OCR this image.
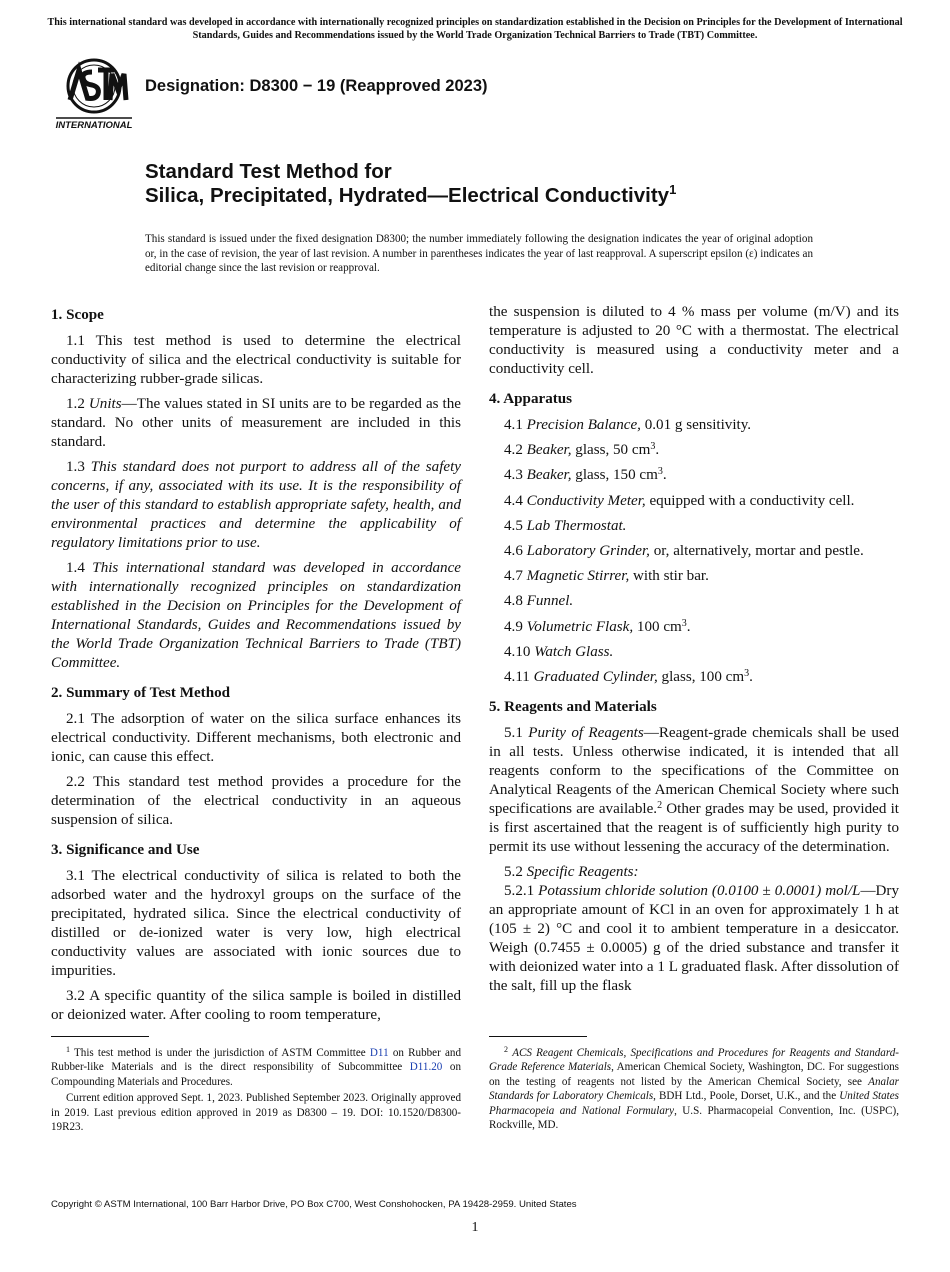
This international standard was developed in accordance with internationally recognized principles on standardization established in the Decision on Principles for the Development of International Standards, Guides and Recommendations issued by the World Trade Organization Technical Barriers to Trade (TBT) Committee.
INTERNATIONAL
Designation: D8300 − 19 (Reapproved 2023)
Standard Test Method for
Silica, Precipitated, Hydrated—Electrical Conductivity$^1$
This standard is issued under the fixed designation D8300; the number immediately following the designation indicates the year of original adoption or, in the case of revision, the year of last revision. A number in parentheses indicates the year of last reapproval. A superscript epsilon (ε) indicates an editorial change since the last revision or reapproval.
1. Scope

1.1 This test method is used to determine the electrical conductivity of silica and the electrical conductivity is suitable for characterizing rubber-grade silicas.

1.2 Units—The values stated in SI units are to be regarded as the standard. No other units of measurement are included in this standard.

1.3 This standard does not purport to address all of the safety concerns, if any, associated with its use. It is the responsibility of the user of this standard to establish appropriate safety, health, and environmental practices and determine the applicability of regulatory limitations prior to use.

1.4 This international standard was developed in accordance with internationally recognized principles on standardization established in the Decision on Principles for the Development of International Standards, Guides and Recommendations issued by the World Trade Organization Technical Barriers to Trade (TBT) Committee.

2. Summary of Test Method

2.1 The adsorption of water on the silica surface enhances its electrical conductivity. Different mechanisms, both electronic and ionic, can cause this effect.

2.2 This standard test method provides a procedure for the determination of the electrical conductivity in an aqueous suspension of silica.

3. Significance and Use

3.1 The electrical conductivity of silica is related to both the adsorbed water and the hydroxyl groups on the surface of the precipitated, hydrated silica. Since the electrical conductivity of distilled or de-ionized water is very low, high electrical conductivity values are associated with ionic sources due to impurities.

3.2 A specific quantity of the silica sample is boiled in distilled or deionized water. After cooling to room temperature,

the suspension is diluted to 4 % mass per volume (m/V) and its temperature is adjusted to 20 °C with a thermostat. The electrical conductivity is measured using a conductivity meter and a conductivity cell.

4. Apparatus
4.1 Precision Balance, 0.01 g sensitivity.
4.2 Beaker, glass, 50 $cm^3$.
4.3 Beaker, glass, 150 $cm^3$.
4.4 Conductivity Meter, equipped with a conductivity cell.
4.5 Lab Thermostat.
4.6 Laboratory Grinder, or, alternatively, mortar and pestle.
4.7 Magnetic Stirrer, with stir bar.
4.8 Funnel.
4.9 Volumetric Flask, 100 $cm^3$.
4.10 Watch Glass.
4.11 Graduated Cylinder, glass, 100 $cm^3$.
5. Reagents and Materials

5.1 Purity of Reagents—Reagent-grade chemicals shall be used in all tests. Unless otherwise indicated, it is intended that all reagents conform to the specifications of the Committee on Analytical Reagents of the American Chemical Society where such specifications are available.$^2$ Other grades may be used, provided it is first ascertained that the reagent is of sufficiently high purity to permit its use without lessening the accuracy of the determination.

5.2 Specific Reagents:

5.2.1 Potassium chloride solution (0.0100 ± 0.0001) mol/L—Dry an appropriate amount of KCl in an oven for approximately 1 h at (105 ± 2) °C and cool it to ambient temperature in a desiccator. Weigh (0.7455 ± 0.0005) g of the dried substance and transfer it with deionized water into a 1 L graduated flask. After dissolution of the salt, fill up the flask

$^1$ This test method is under the jurisdiction of ASTM Committee D11 on Rubber and Rubber-like Materials and is the direct responsibility of Subcommittee D11.20 on Compounding Materials and Procedures.

Current edition approved Sept. 1, 2023. Published September 2023. Originally approved in 2019. Last previous edition approved in 2019 as D8300 – 19. DOI: 10.1520/D8300-19R23.

$^2$ ACS Reagent Chemicals, Specifications and Procedures for Reagents and Standard-Grade Reference Materials, American Chemical Society, Washington, DC. For suggestions on the testing of reagents not listed by the American Chemical Society, see Analar Standards for Laboratory Chemicals, BDH Ltd., Poole, Dorset, U.K., and the United States Pharmacopeia and National Formulary, U.S. Pharmacopeial Convention, Inc. (USPC), Rockville, MD.

Copyright © ASTM International, 100 Barr Harbor Drive, PO Box C700, West Conshohocken, PA 19428-2959. United States
1
